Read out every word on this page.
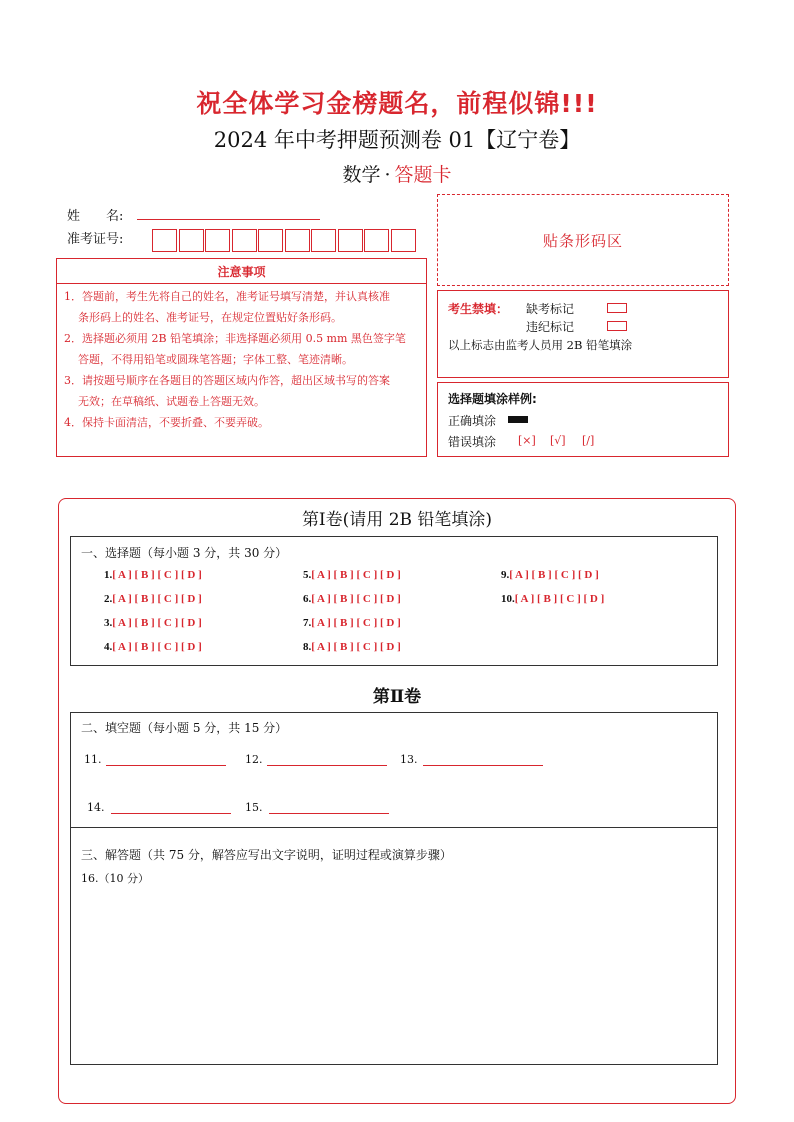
祝全体学习金榜题名，前程似锦!!!
2024 年中考押题预测卷 01【辽宁卷】
数学 · 答题卡
姓　　名:
准考证号:	贴条形码区
注意事项
1．答题前，考生先将自己的姓名，准考证号填写清楚，并认真核准
条形码上的姓名、准考证号，在规定位置贴好条形码。
2．选择题必须用 2B 铅笔填涂；非选择题必须用 0.5 mm 黑色签字笔
答题，不得用铅笔或圆珠笔答题；字体工整、笔迹清晰。
3．请按题号顺序在各题目的答题区域内作答，超出区域书写的答案
无效；在草稿纸、试题卷上答题无效。
4．保持卡面清洁，不要折叠、不要弄破。
考生禁填： 缺考标记
违纪标记
以上标志由监考人员用 2B 铅笔填涂
选择题填涂样例:
正确填涂
错误填涂 [×] [√] [/]
第Ⅰ卷(请用 2B 铅笔填涂)
一、选择题（每小题 3 分，共 30 分）
1.[ A ] [ B ] [ C ] [ D ]
2.[ A ] [ B ] [ C ] [ D ]
3.[ A ] [ B ] [ C ] [ D ]
4.[ A ] [ B ] [ C ] [ D ]
5.[ A ] [ B ] [ C ] [ D ]
6.[ A ] [ B ] [ C ] [ D ]
7.[ A ] [ B ] [ C ] [ D ]
8.[ A ] [ B ] [ C ] [ D ]
9.[ A ] [ B ] [ C ] [ D ]
10.[ A ] [ B ] [ C ] [ D ]
第Ⅱ卷
二、填空题（每小题 5 分，共 15 分）
11.	12.	13.
14.	15.
三、解答题（共 75 分，解答应写出文字说明，证明过程或演算步骤）
16.（10 分）
